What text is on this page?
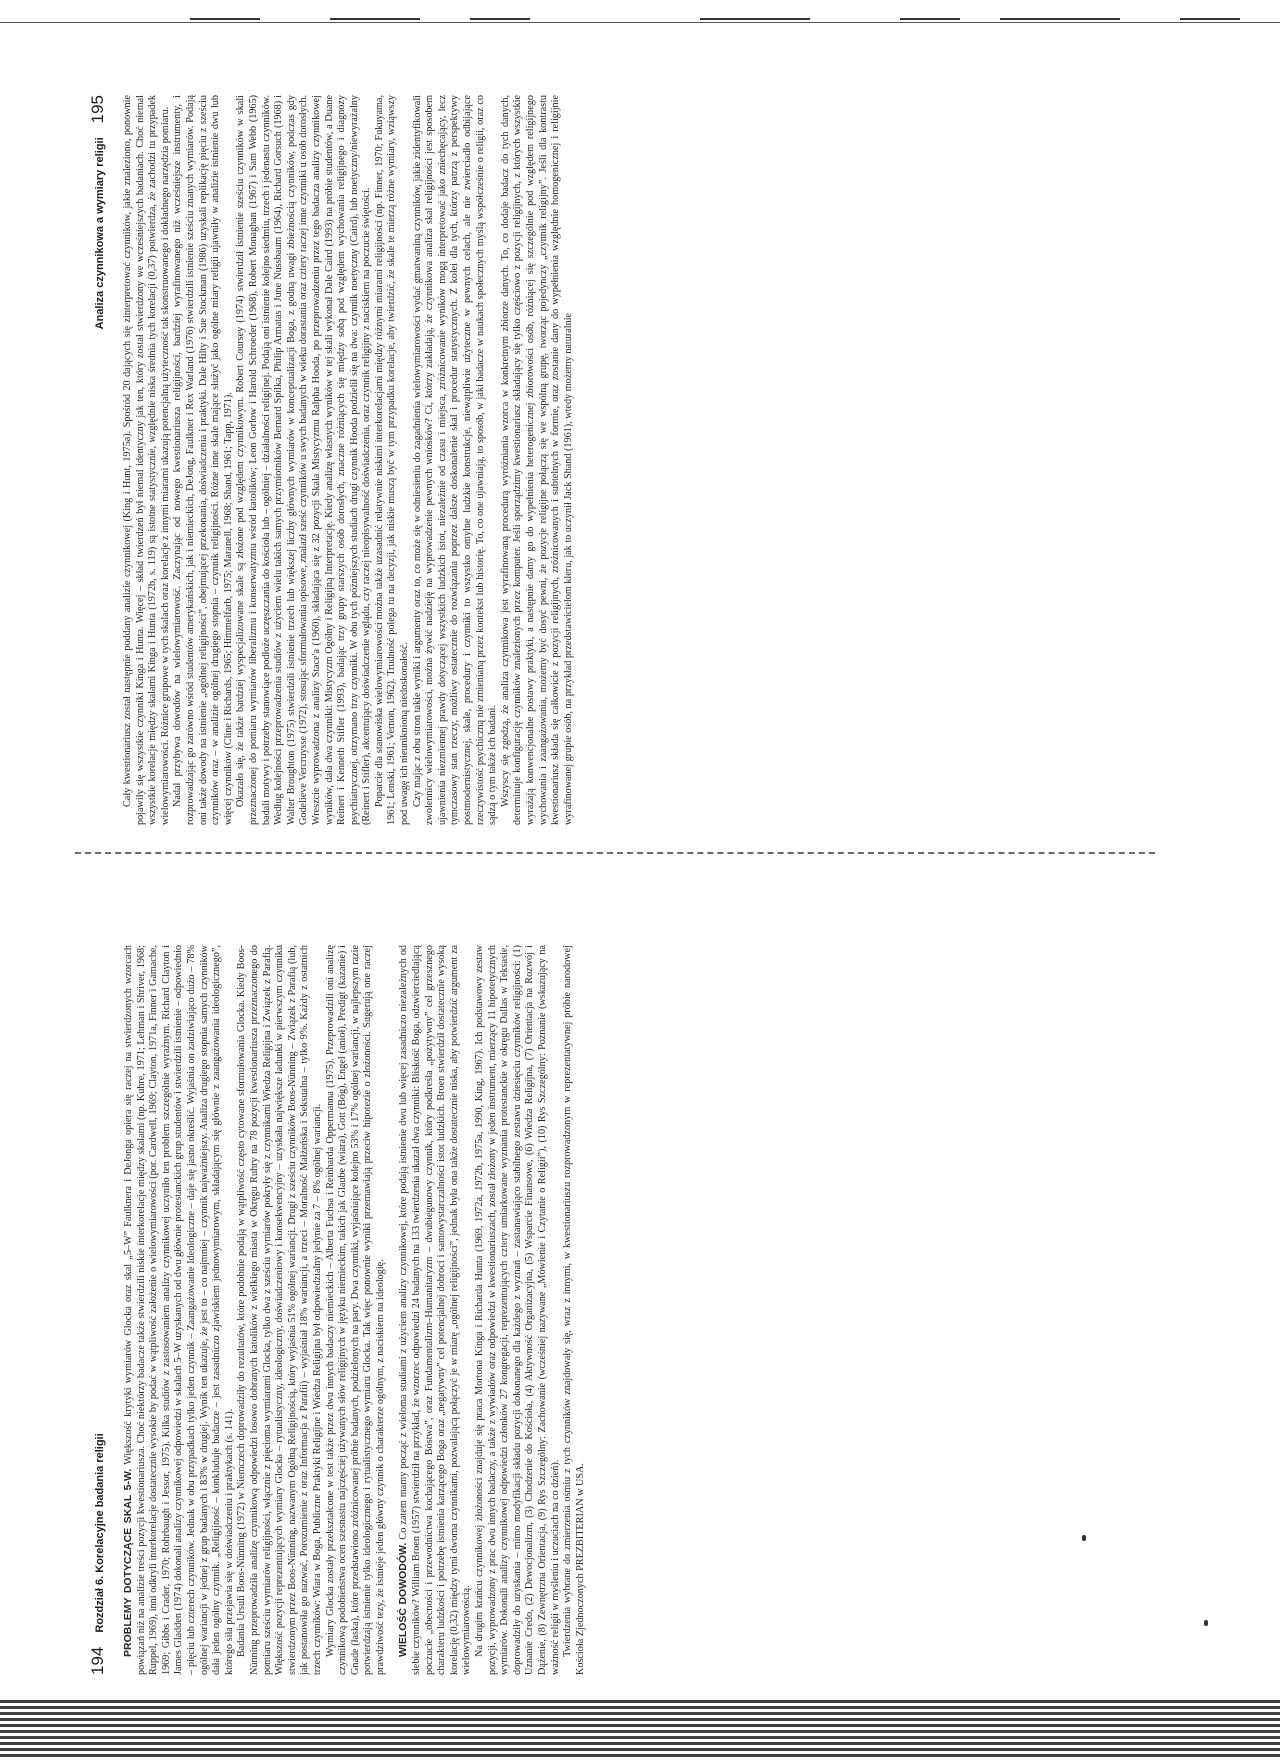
194
Rozdział 6. Korelacyjne badania religii PROBLEMY DOTYCZĄCE SKAL 5-W. Większość krytyki wymiarów Glocka oraz skal „5–W” Faulknera i DeJonga opiera się raczej na stwierdzonych wzorcach powiązań niż na analizie treści pozycji kwestionariusza. Choć niektórzy badacze także stwierdzili niskie interkorelacje między skalami (np. Kuhre, 1971; Lehman i Shriver, 1968; Ruppel, 1969), inni odkryli interkorelacje dostatecznie wysokie by podać w wątpliwość założenie o wielowymiarowości (por. Cardwell, 1969; Clayton, 1971a, Finner i Gamache, 1969; Gibbs i Crader, 1970; Rohrbaugh i Jessor, 1975). Kilka studiów z zastosowaniem analizy czynnikowej uczyniło ten problem szczególnie wyraźnym. Richard Clayton i James Gladden (1974) dokonali analizy czynnikowej odpowiedzi w skalach 5–W uzyskanych od dwu głównie protestanckich grup studentów i stwierdzili istnienie – odpowiednio – pięciu lub czterech czynników. Jednak w obu przypadkach tylko jeden czynnik – Zaangażowanie Ideologiczne – daje się jasno określić. Wyjaśnia on zadziwiająco dużo – 78% ogólnej wariancji w jednej z grup badanych i 83% w drugiej. Wynik ten ukazuje, że jest to – co najmniej – czynnik najważniejszy. Analiza drugiego stopnia samych czynników dała jeden ogólny czynnik. „Religijność – konkluduje badacze – jest zasadniczo zjawiskiem jednowymiarowym, składającym się głównie z zaangażowania ideologicznego”, którego siła przejawia się w doświadczeniu i praktykach (s. 141). Badania Ursuli Boos-Nünning (1972) w Niemczech doprowadziły do rezultatów, które podobnie podają w wątpliwość często cytowane sformułowania Glocka. Kiedy Boos-Nünning przeprowadziła analizę czynnikową odpowiedzi losowo dobranych katolików z wielkiego miasta w Okręgu Ruhry na 78 pozycji kwestionariusza przeznaczonego do pomiaru sześciu wymiarów religijności, włącznie z pięcioma wymiarami Glocka, tylko dwa z sześciu wymiarów pokryły się z czynnikami Wiedza Religijna i Związek z Parafią. Większość pozycji reprezentujących wymiary Glocka – rytualistyczny, ideologiczny, doświadczeniowy i konsekwencyjny – uzyskała największe ładunki w pierwszym czynniku stwierdzonym przez Boos-Nünning, nazwanym Ogólną Religijnością, który wyjaśnia 51% ogólnej wariancji. Drugi z sześciu czynników Boos-Nünning – Związek z Parafią (lub, jak postanowiła go nazwać, Porozumienie z oraz Informacja z Parafii) – wyjaśniał 18% wariancji, a trzeci – Moralność Małżeńska i Seksualna – tylko 9%. Każdy z ostatnich trzech czynników: Wiara w Boga, Publiczne Praktyki Religijne i Wiedza Religijna był odpowiedzialny jedynie za 7 – 8% ogólnej wariancji. Wymiary Glocka zostały przekształcone w test także przez dwu innych badaczy niemieckich – Alberta Fuchsa i Reinharda Oppermanna (1975). Przeprowadzili oni analizę czynnikową podobieństwa ocen szesnastu najczęściej używanych słów religijnych w języku niemieckim, takich jak Glaube (wiara), Gott (Bóg), Engel (anioł), Predigt (kazanie) i Gnade (łaska), które przedstawiono zróżnicowanej próbie badanych, podzielonych na pary. Dwa czynniki, wyjaśniające kolejno 53% i 17% ogólnej wariancji, w najlepszym razie potwierdzają istnienie tylko ideologicznego i rytualistycznego wymiaru Glocka. Tak więc ponownie wyniki przemawiają przeciw hipotezie o złożoności. Sugerują one raczej prawdziwość tezy, że istnieje jeden główny czynnik o charakterze ogólnym, z naciskiem na ideologię. WIELOŚĆ DOWODÓW. Co zatem mamy począć z wieloma studiami z użyciem analizy czynnikowej, które podają istnienie dwu lub więcej zasadniczo niezależnych od siebie czynników? William Broen (1957) stwierdził na przykład, że wzorzec odpowiedzi 24 badanych na 133 twierdzenia ukazał dwa czynniki: Bliskość Boga, odzwierciedlającą poczucie „obecności i przewodnictwa kochającego Bóstwa”, oraz Fundamentalizm–Humanitaryzm – dwubiegunowy czynnik, który podkreśla „pozytywny” cel grzesznego charakteru ludzkości i potrzebę istnienia karzącego Boga oraz „negatywny” cel potencjalnej dobroci i samowystarczalności istot ludzkich. Broen stwierdził dostatecznie wysoką korelację (0,32) między tymi dwoma czynnikami, pozwalającą połączyć je w miarę „ogólnej religijności”, jednak była ona także dostatecznie niska, aby potwierdzić argument za wielowymiarowością. Na drugim krańcu czynnikowej złożoności znajduje się praca Mortona Kinga i Richarda Hunta (1969, 1972a, 1972b, 1975a, 1990, King, 1967). Ich podstawowy zestaw pozycji, wyprowadzony z prac dwu innych badaczy, a także z wywiadów oraz odpowiedzi w kwestionariuszach, został złożony w jeden instrument, mierzący 11 hipotetycznych wymiarów. Dokonali analizy czynnikowej odpowiedzi członków 27 kongregacji, reprezentujących cztery umiarkowane wyznania protestanckie w okręgu Dallas w Teksasie, doprowadziły do uzyskania – mimo modyfikacji składu pozycji dokonanego dla każdego z wyznań – zastanawiająco stabilnego zestawu dziesięciu czynników religijności: (1) Uznanie Credo, (2) Dewocjonalizm, (3) Chodzenie do Kościoła, (4) Aktywność Organizacyjna, (5) Wsparcie Finansowe, (6) Wiedza Religijna, (7) Orientacja na Rozwój i Dążenie, (8) Zewnętrzna Orientacja, (9) Rys Szczególny: Zachowanie (wcześniej nazywane „Mówienie i Czytanie o Religii”), (10) Rys Szczególny: Poznanie (wskazujący na ważność religii w myśleniu i uczuciach na co dzień). Twierdzenia wybrane do zmierzenia ośmiu z tych czynników znajdowały się, wraz z innymi, w kwestionariuszu rozprowadzonym w reprezentatywnej próbie narodowej Kościoła Zjednoczonych PREZBITERIAN w USA.

Analiza czynnikowa a wymiary religii
195 Cały kwestionariusz został następnie poddany analizie czynnikowej (King i Hunt, 1975a). Spośród 20 dających się zinterpretować czynników, jakie znaleziono, ponownie pojawiły się wszystkie czynniki Kinga i Hunta. Więcej – skład twierdzeń był niemal identyczny jak ten, który został stwierdzony we wcześniejszych badaniach. Choć niemal wszystkie korelacje między skalami Kinga i Hunta (1972b, s. 119) są istotne statystycznie, względnie niska średnia tych korelacji (0,37) potwierdza, że zachodzi tu przypadek wielowymiarowości. Różnice grupowe w tych skalach oraz korelacje z innymi miarami ukazują potencjalną użyteczność tak skonstruowanego i dokładnego narzędzia pomiaru. Nadal przybywa dowodów na wielowymiarowość. Zaczynając od nowego kwestionariusza religijności, bardziej wyrafinowanego niż wcześniejsze instrumenty, i rozprowadzając go zarówno wśród studentów amerykańskich, jak i niemieckich, DeJong, Faulkner i Rex Warland (1976) stwierdzili istnienie sześciu znanych wymiarów. Podają oni także dowody na istnienie „ogólnej religijności”, obejmującej przekonania, doświadczenia i praktyki. Dale Hilty i Sue Stockman (1986) uzyskali replikację pięciu z sześciu czynników oraz – w analizie ogólnej drugiego stopnia – czynnik religijności. Różne inne skale mające służyć jako ogólne miary religii ujawniły w analizie istnienie dwu lub więcej czynników (Cline i Richards, 1965; Himmelfarb, 1975; Maranell, 1968; Shand, 1961; Tapp, 1971). Okazało się, że także bardziej wyspecjalizowane skale są złożone pod względem czynnikowym. Robert Coursey (1974) stwierdził istnienie sześciu czynników w skali przeznaczonej do pomiaru wymiarów liberalizmu i konserwatyzmu wśród katolików; Leon Gorlow i Harold Schroeder (1968), Robert Monaghan (1967) i Sam Webb (1965) badali motywy i potrzeby stanowiące podłoże uczęszczania do kościoła lub – ogólniej – działalności religijnej. Podają oni istnienie kolejno siedmiu, trzech i jedenastu czynników. Według kolejności przeprowadzenia studiów z użyciem wielu takich samych przymiotników Bernard Spilka, Philip Armatas i June Nussbaum (1964), Richard Gorsuch (1968) i Walter Broughton (1975) stwierdzili istnienie trzech lub większej liczby głównych wymiarów w konceptualizacji Boga, z godną uwagi zbieżnością czynników, podczas gdy Godelieve Vercruysse (1972), stosując sformułowania opisowe, znalazł sześć czynników u swych badanych w wieku dorastania oraz cztery raczej inne czynniki u osób dorosłych. Wreszcie wyprowadzona z analizy Stace'a (1960), składająca się z 32 pozycji Skala Mistycyzmu Ralpha Hooda, po przeprowadzeniu przez tego badacza analizy czynnikowej wyników, dała dwa czynniki: Mistycyzm Ogólny i Religijną Interpretację. Kiedy analizę własnych wyników w tej skali wykonał Dale Caird (1993) na próbie studentów, a Duane Reinert i Kenneth Stifler (1993), badając trzy grupy starszych osób dorosłych, znaczne różniących się między sobą pod względem wychowania religijnego i diagnozy psychiatrycznej, otrzymano trzy czynniki. W obu tych późniejszych studiach drugi czynnik Hooda podzielił się na dwa: czynnik noetyczny (Caird), lub noetyczny/niewyrażalny (Reinert i Stifler), akcentujący doświadczenie wglądu, czy raczej nieopisywalność doświadczenia, oraz czynnik religijny z naciskiem na poczucie świętości. Poparcie dla stanowiska wielowymiarowości można także uzasadnić relatywnie niskimi interkorelacjami między różnymi miarami religijności (np. Finner, 1970; Fukuyama, 1961; Lenski, 1961; Vernon, 1962). Trudność polega tu na decyzji, jak niskie muszą być w tym przypadku korelacje, aby twierdzić, że skale te mierzą różne wymiary, wziąwszy pod uwagę ich nieuniknioną niedoskonałość. Czy mając z obu stron takie wyniki i argumenty oraz to, co może się w odniesieniu do zagadnienia wielowymiarowości wydać gmatwaniną czynników, jakie zidentyfikowali zwolennicy wielowymiarowości, można żywić nadzieję na wyprowadzenie pewnych wniosków? Ci, którzy zakładają, że czynnikowa analiza skal religijności jest sposobem ujawnienia niezmiennej prawdy dotyczącej wszystkich ludzkich istot, niezależnie od czasu i miejsca, zróżnicowanie wyników mogą interpretować jako zniechęcający, lecz tymczasowy stan rzeczy, możliwy ostatecznie do rozwiązania poprzez dalsze doskonalenie skal i procedur statystycznych. Z kolei dla tych, którzy patrzą z perspektywy postmodernistycznej, skale, procedury i czynniki to wszystko omylne ludzkie konstrukcje, niewątpliwie użyteczne w pewnych celach, ale nie zwierciadło odbijające rzeczywistość psychiczną nie zmienianą przez kontekst lub historię. To, co one ujawniają, to sposób, w jaki badacze w naukach społecznych myślą współcześnie o religii, oraz co sądzą o tym także ich badani. Wszyscy się zgodzą, że analiza czynnikowa jest wyrafinowaną procedurą wyróżniania wzorca w konkretnym zbiorze danych. To, co dodaje badacz do tych danych, determinuje konfigurację czynników znalezionych przez komputer. Jeśli sporządzimy kwestionariusz składający się tylko częściowo z pozycji religijnych, z których wszystkie wyrażają konwencjonalne postawy praktyki, a następnie damy go do wypełnienia heterogenicznej zbiorowości osób, różniącej się szczególnie pod względem religijnego wychowania i zaangażowania, możemy być dosyć pewni, że pozycje religijne połączą się we wspólną grupę, tworząc pojedynczy „czynnik religijny”. Jeśli dla kontrastu kwestionariusz składa się całkowicie z pozycji religijnych, zróżnicowanych i subtelnych w formie, oraz zostanie dany do wypełnienia względnie homogenicznej i religijnie wyrafinowanej grupie osób, na przykład przedstawicielom kleru, jak to uczynił Jack Shand (1961), wtedy możemy naturalnie
